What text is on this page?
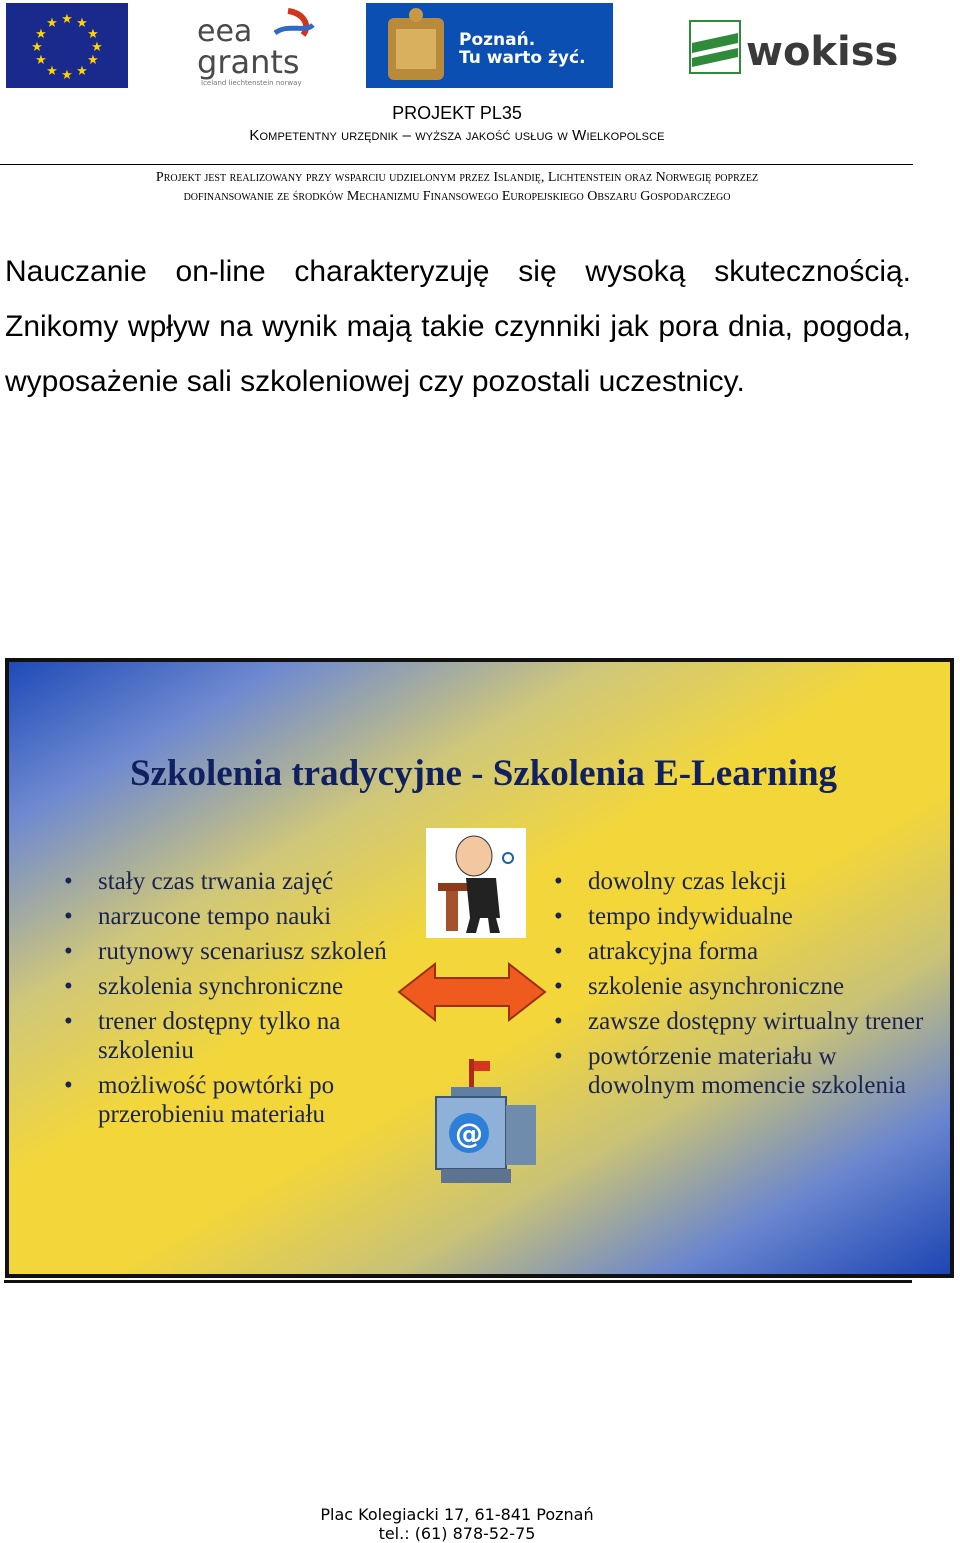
★ ★
★
★
★
★
★
★
★
★
★
★	eea
grants
Iceland liechtenstein norway
Poznań.
Tu warto żyć.	wokiss
PROJEKT PL35
Kompetentny urzędnik – wyższa jakość usług w Wielkopolsce
Projekt jest realizowany przy wsparciu udzielonym przez Islandię, Lichtenstein oraz Norwegię poprzez
dofinansowanie ze środków Mechanizmu Finansowego Europejskiego Obszaru Gospodarczego

Nauczanie on-line charakteryzuję się wysoką skutecznością. Znikomy wpływ na wynik mają takie czynniki jak pora dnia, pogoda, wyposażenie sali szkoleniowej czy pozostali uczestnicy.

Szkolenia tradycyjne - Szkolenia E-Learning
• stały czas trwania zajęć
• narzucone tempo nauki
• rutynowy scenariusz szkoleń
• szkolenia synchroniczne
• trener dostępny tylko na szkoleniu
• możliwość powtórki po przerobieniu materiału
• dowolny czas lekcji
• tempo indywidualne
• atrakcyjna forma
• szkolenie asynchroniczne
• zawsze dostępny wirtualny trener
• powtórzenie materiału w dowolnym momencie szkolenia
@
Plac Kolegiacki 17, 61-841 Poznań
tel.: (61) 878-52-75
